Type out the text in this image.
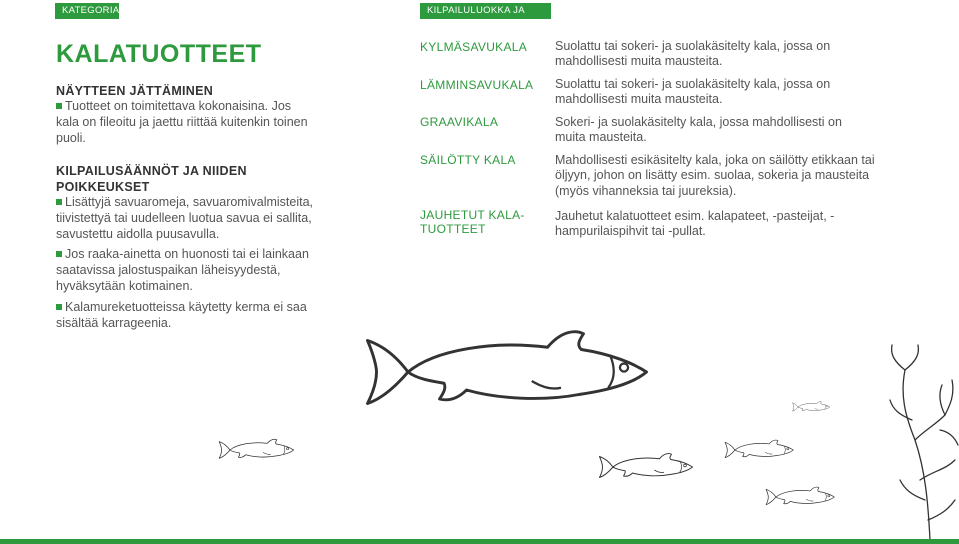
KATEGORIA	KILPAILULUOKKA JA SELITE
KALATUOTTEET
NÄYTTEEN JÄTTÄMINEN
Tuotteet on toimitettava kokonaisina. Jos kala on fileoitu ja jaettu riittää kuitenkin toinen puoli.
KILPAILUSÄÄNNÖT JA NIIDEN
POIKKEUKSET
Lisättyjä savuaromeja, savuaromivalmisteita, tiivistettyä tai uudelleen luotua savua ei sallita, savustettu aidolla puusavulla.
Jos raaka-ainetta on huonosti tai ei lainkaan saatavissa jalostuspaikan läheisyydestä, hyväksytään kotimainen.
Kalamureketuotteissa käytetty kerma ei saa sisältää karrageenia.
KYLMÄSAVUKALA
LÄMMINSAVUKALA
GRAAVIKALA
SÄILÖTTY KALA
JAUHETUT KALA-TUOTTEET
Suolattu tai sokeri- ja suolakäsitelty kala, jossa on mahdollisesti muita mausteita.
Suolattu tai sokeri- ja suolakäsitelty kala, jossa on mahdollisesti muita mausteita.
Sokeri- ja suolakäsitelty kala, jossa mahdollisesti on muita mausteita.
Mahdollisesti esikäsitelty kala, joka on säilötty etikkaan tai öljyyn, johon on lisätty esim. suolaa, sokeria ja mausteita (myös vihanneksia tai juureksia).
Jauhetut kalatuotteet esim. kalapateet, -pasteijat, -hampurilaispihvit tai -pullat.
